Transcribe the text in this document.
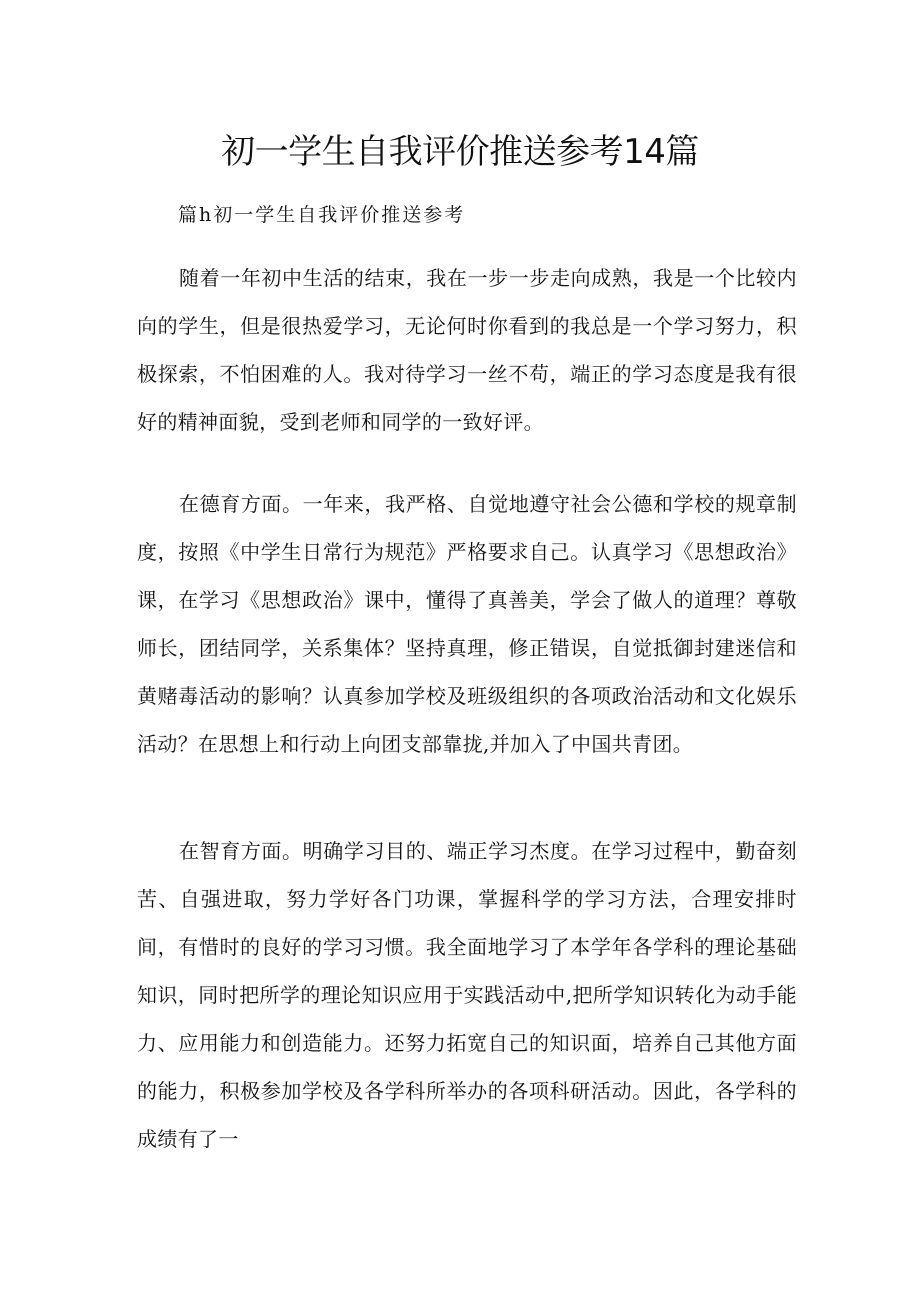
初一学生自我评价推送参考14篇

篇h初一学生自我评价推送参考

随着一年初中生活的结束，我在一步一步走向成熟，我是一个比较内向的学生，但是很热爱学习，无论何时你看到的我总是一个学习努力，积极探索，不怕困难的人。我对待学习一丝不苟，端正的学习态度是我有很好的精神面貌，受到老师和同学的一致好评。

在德育方面。一年来，我严格、自觉地遵守社会公德和学校的规章制度，按照《中学生日常行为规范》严格要求自己。认真学习《思想政治》课，在学习《思想政治》课中，懂得了真善美，学会了做人的道理？尊敬师长，团结同学，关系集体？坚持真理，修正错误，自觉抵御封建迷信和黄赌毒活动的影响？认真参加学校及班级组织的各项政治活动和文化娱乐活动？在思想上和行动上向团支部靠拢,并加入了中国共青团。

在智育方面。明确学习目的、端正学习杰度。在学习过程中，勤奋刻苦、自强进取，努力学好各门功课，掌握科学的学习方法，合理安排时间，有惜时的良好的学习习惯。我全面地学习了本学年各学科的理论基础知识，同时把所学的理论知识应用于实践活动中,把所学知识转化为动手能力、应用能力和创造能力。还努力拓宽自己的知识面，培养自己其他方面的能力，积极参加学校及各学科所举办的各项科研活动。因此，各学科的成绩有了一
